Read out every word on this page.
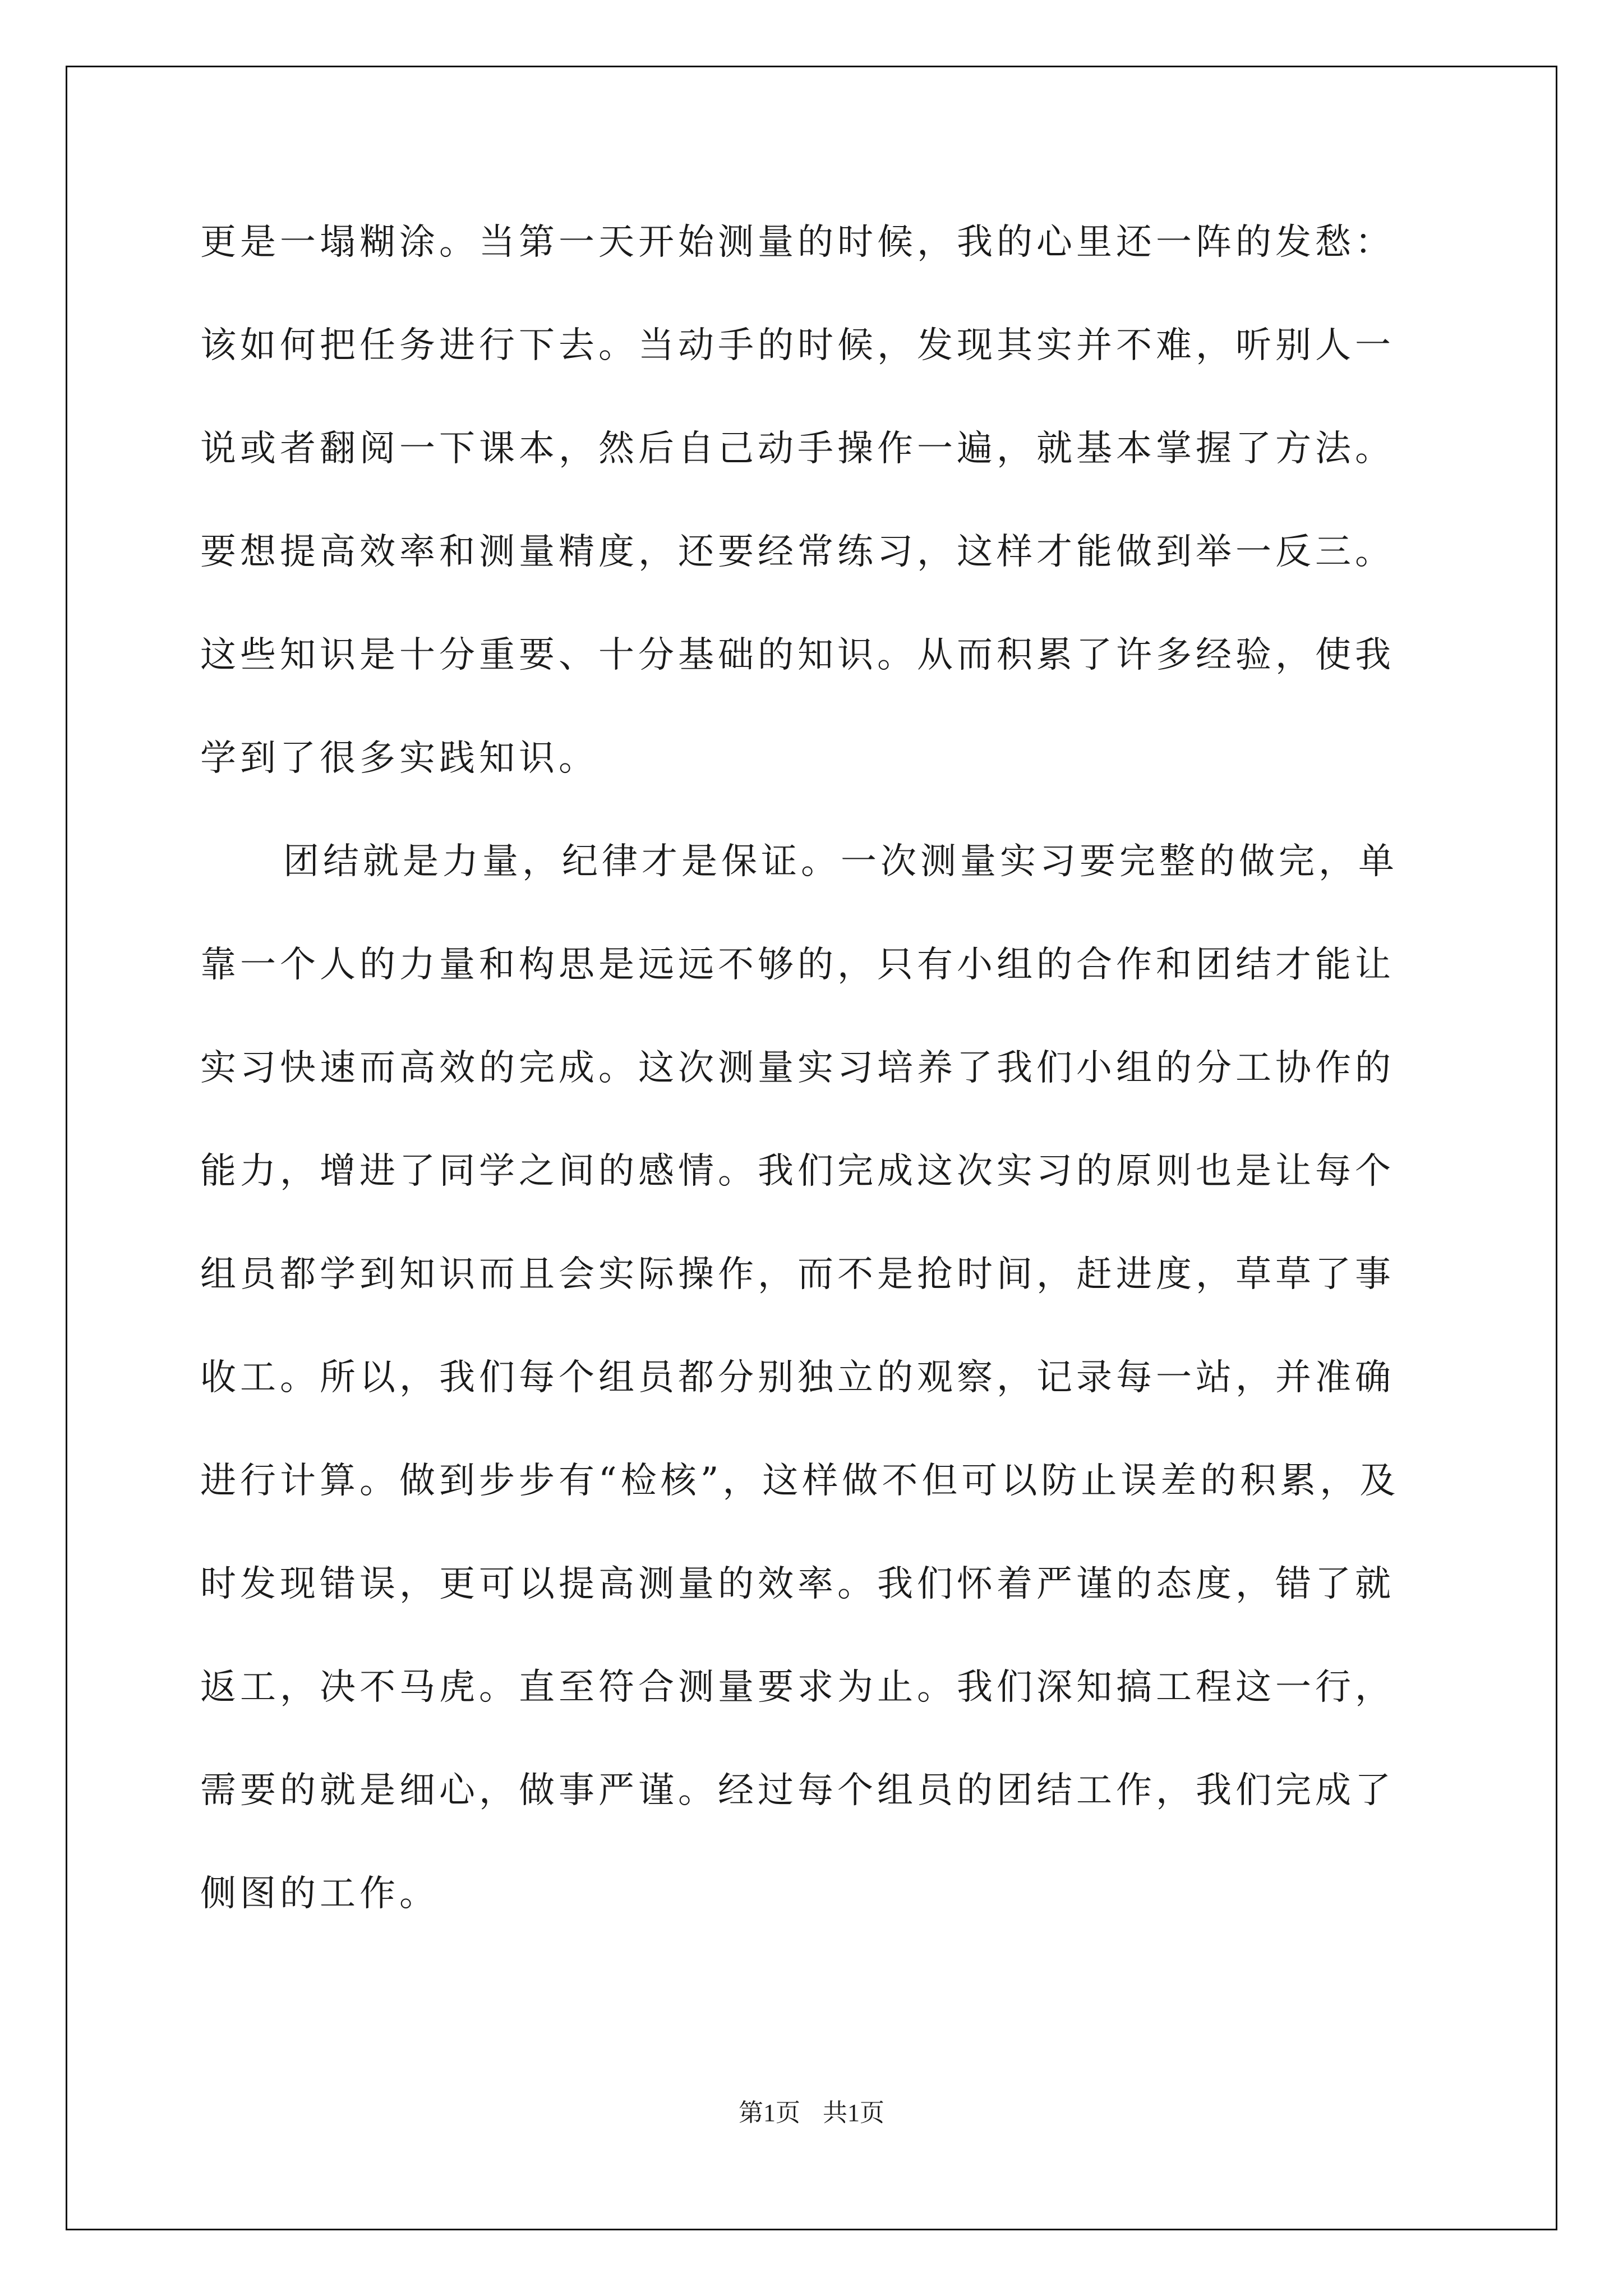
更是一塌糊涂。当第一天开始测量的时候，我的心里还一阵的发愁：
该如何把任务进行下去。当动手的时候，发现其实并不难，听别人一
说或者翻阅一下课本，然后自己动手操作一遍，就基本掌握了方法。
要想提高效率和测量精度，还要经常练习，这样才能做到举一反三。
这些知识是十分重要、十分基础的知识。从而积累了许多经验，使我
学到了很多实践知识。
团结就是力量，纪律才是保证。一次测量实习要完整的做完，单
靠一个人的力量和构思是远远不够的，只有小组的合作和团结才能让
实习快速而高效的完成。这次测量实习培养了我们小组的分工协作的
能力，增进了同学之间的感情。我们完成这次实习的原则也是让每个
组员都学到知识而且会实际操作，而不是抢时间，赶进度，草草了事
收工。所以，我们每个组员都分别独立的观察，记录每一站，并准确
进行计算。做到步步有“检核”，这样做不但可以防止误差的积累，及
时发现错误，更可以提高测量的效率。我们怀着严谨的态度，错了就
返工，决不马虎。直至符合测量要求为止。我们深知搞工程这一行，
需要的就是细心，做事严谨。经过每个组员的团结工作，我们完成了
侧图的工作。
第1页 共1页
